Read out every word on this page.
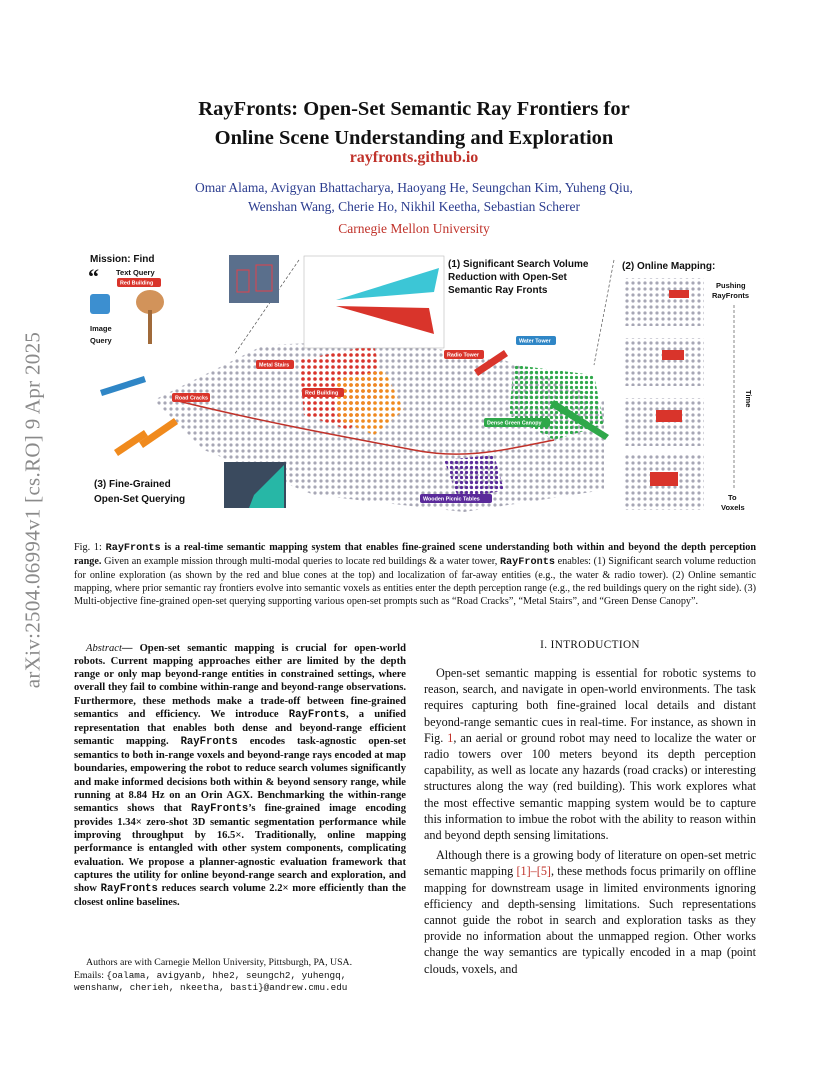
arXiv:2504.06994v1 [cs.RO] 9 Apr 2025
RayFronts: Open-Set Semantic Ray Frontiers for
Online Scene Understanding and Exploration
rayfronts.github.io
Omar Alama, Avigyan Bhattacharya, Haoyang He, Seungchan Kim, Yuheng Qiu,
Wenshan Wang, Cherie Ho, Nikhil Keetha, Sebastian Scherer
Carnegie Mellon University
Mission: Find
“ Text Query
Red Building
Image
Query
(1) Significant Search Volume
Reduction with Open-Set
Semantic Ray Fronts
(2) Online Mapping:
Pushing
RayFronts
Time
To
Voxels
(3) Fine-Grained
Open-Set Querying
Metal Stairs
Red Building
Road Cracks
Radio Tower
Water Tower
Dense Green Canopy
Wooden Picnic Tables
Fig. 1: RayFronts is a real-time semantic mapping system that enables fine-grained scene understanding both within and beyond the depth perception range. Given an example mission through multi-modal queries to locate red buildings & a water tower, RayFronts enables: (1) Significant search volume reduction for online exploration (as shown by the red and blue cones at the top) and localization of far-away entities (e.g., the water & radio tower). (2) Online semantic mapping, where prior semantic ray frontiers evolve into semantic voxels as entities enter the depth perception range (e.g., the red buildings query on the right side). (3) Multi-objective fine-grained open-set querying supporting various open-set prompts such as “Road Cracks”, “Metal Stairs”, and “Green Dense Canopy”.
Abstract— Open-set semantic mapping is crucial for open-world robots. Current mapping approaches either are limited by the depth range or only map beyond-range entities in constrained settings, where overall they fail to combine within-range and beyond-range observations. Furthermore, these methods make a trade-off between fine-grained semantics and efficiency. We introduce RayFronts, a unified representation that enables both dense and beyond-range efficient semantic mapping. RayFronts encodes task-agnostic open-set semantics to both in-range voxels and beyond-range rays encoded at map boundaries, empowering the robot to reduce search volumes significantly and make informed decisions both within & beyond sensory range, while running at 8.84 Hz on an Orin AGX. Benchmarking the within-range semantics shows that RayFronts’s fine-grained image encoding provides 1.34× zero-shot 3D semantic segmentation performance while improving throughput by 16.5×. Traditionally, online mapping performance is entangled with other system components, complicating evaluation. We propose a planner-agnostic evaluation framework that captures the utility for online beyond-range search and exploration, and show RayFronts reduces search volume 2.2× more efficiently than the closest online baselines.
Authors are with Carnegie Mellon University, Pittsburgh, PA, USA.
Emails: {oalama, avigyanb, hhe2, seungch2, yuhengq,
wenshanw, cherieh, nkeetha, basti}@andrew.cmu.edu
I. INTRODUCTION

Open-set semantic mapping is essential for robotic systems to reason, search, and navigate in open-world environments. The task requires capturing both fine-grained local details and distant beyond-range semantic cues in real-time. For instance, as shown in Fig. 1, an aerial or ground robot may need to localize the water or radio towers over 100 meters beyond its depth perception capability, as well as locate any hazards (road cracks) or interesting structures along the way (red building). This work explores what the most effective semantic mapping system would be to capture this information to imbue the robot with the ability to reason within and beyond depth sensing limitations.

Although there is a growing body of literature on open-set metric semantic mapping [1]–[5], these methods focus primarily on offline mapping for downstream usage in limited environments ignoring efficiency and depth-sensing limitations. Such representations cannot guide the robot in search and exploration tasks as they provide no information about the unmapped region. Other works change the way semantics are typically encoded in a map (point clouds, voxels, and
